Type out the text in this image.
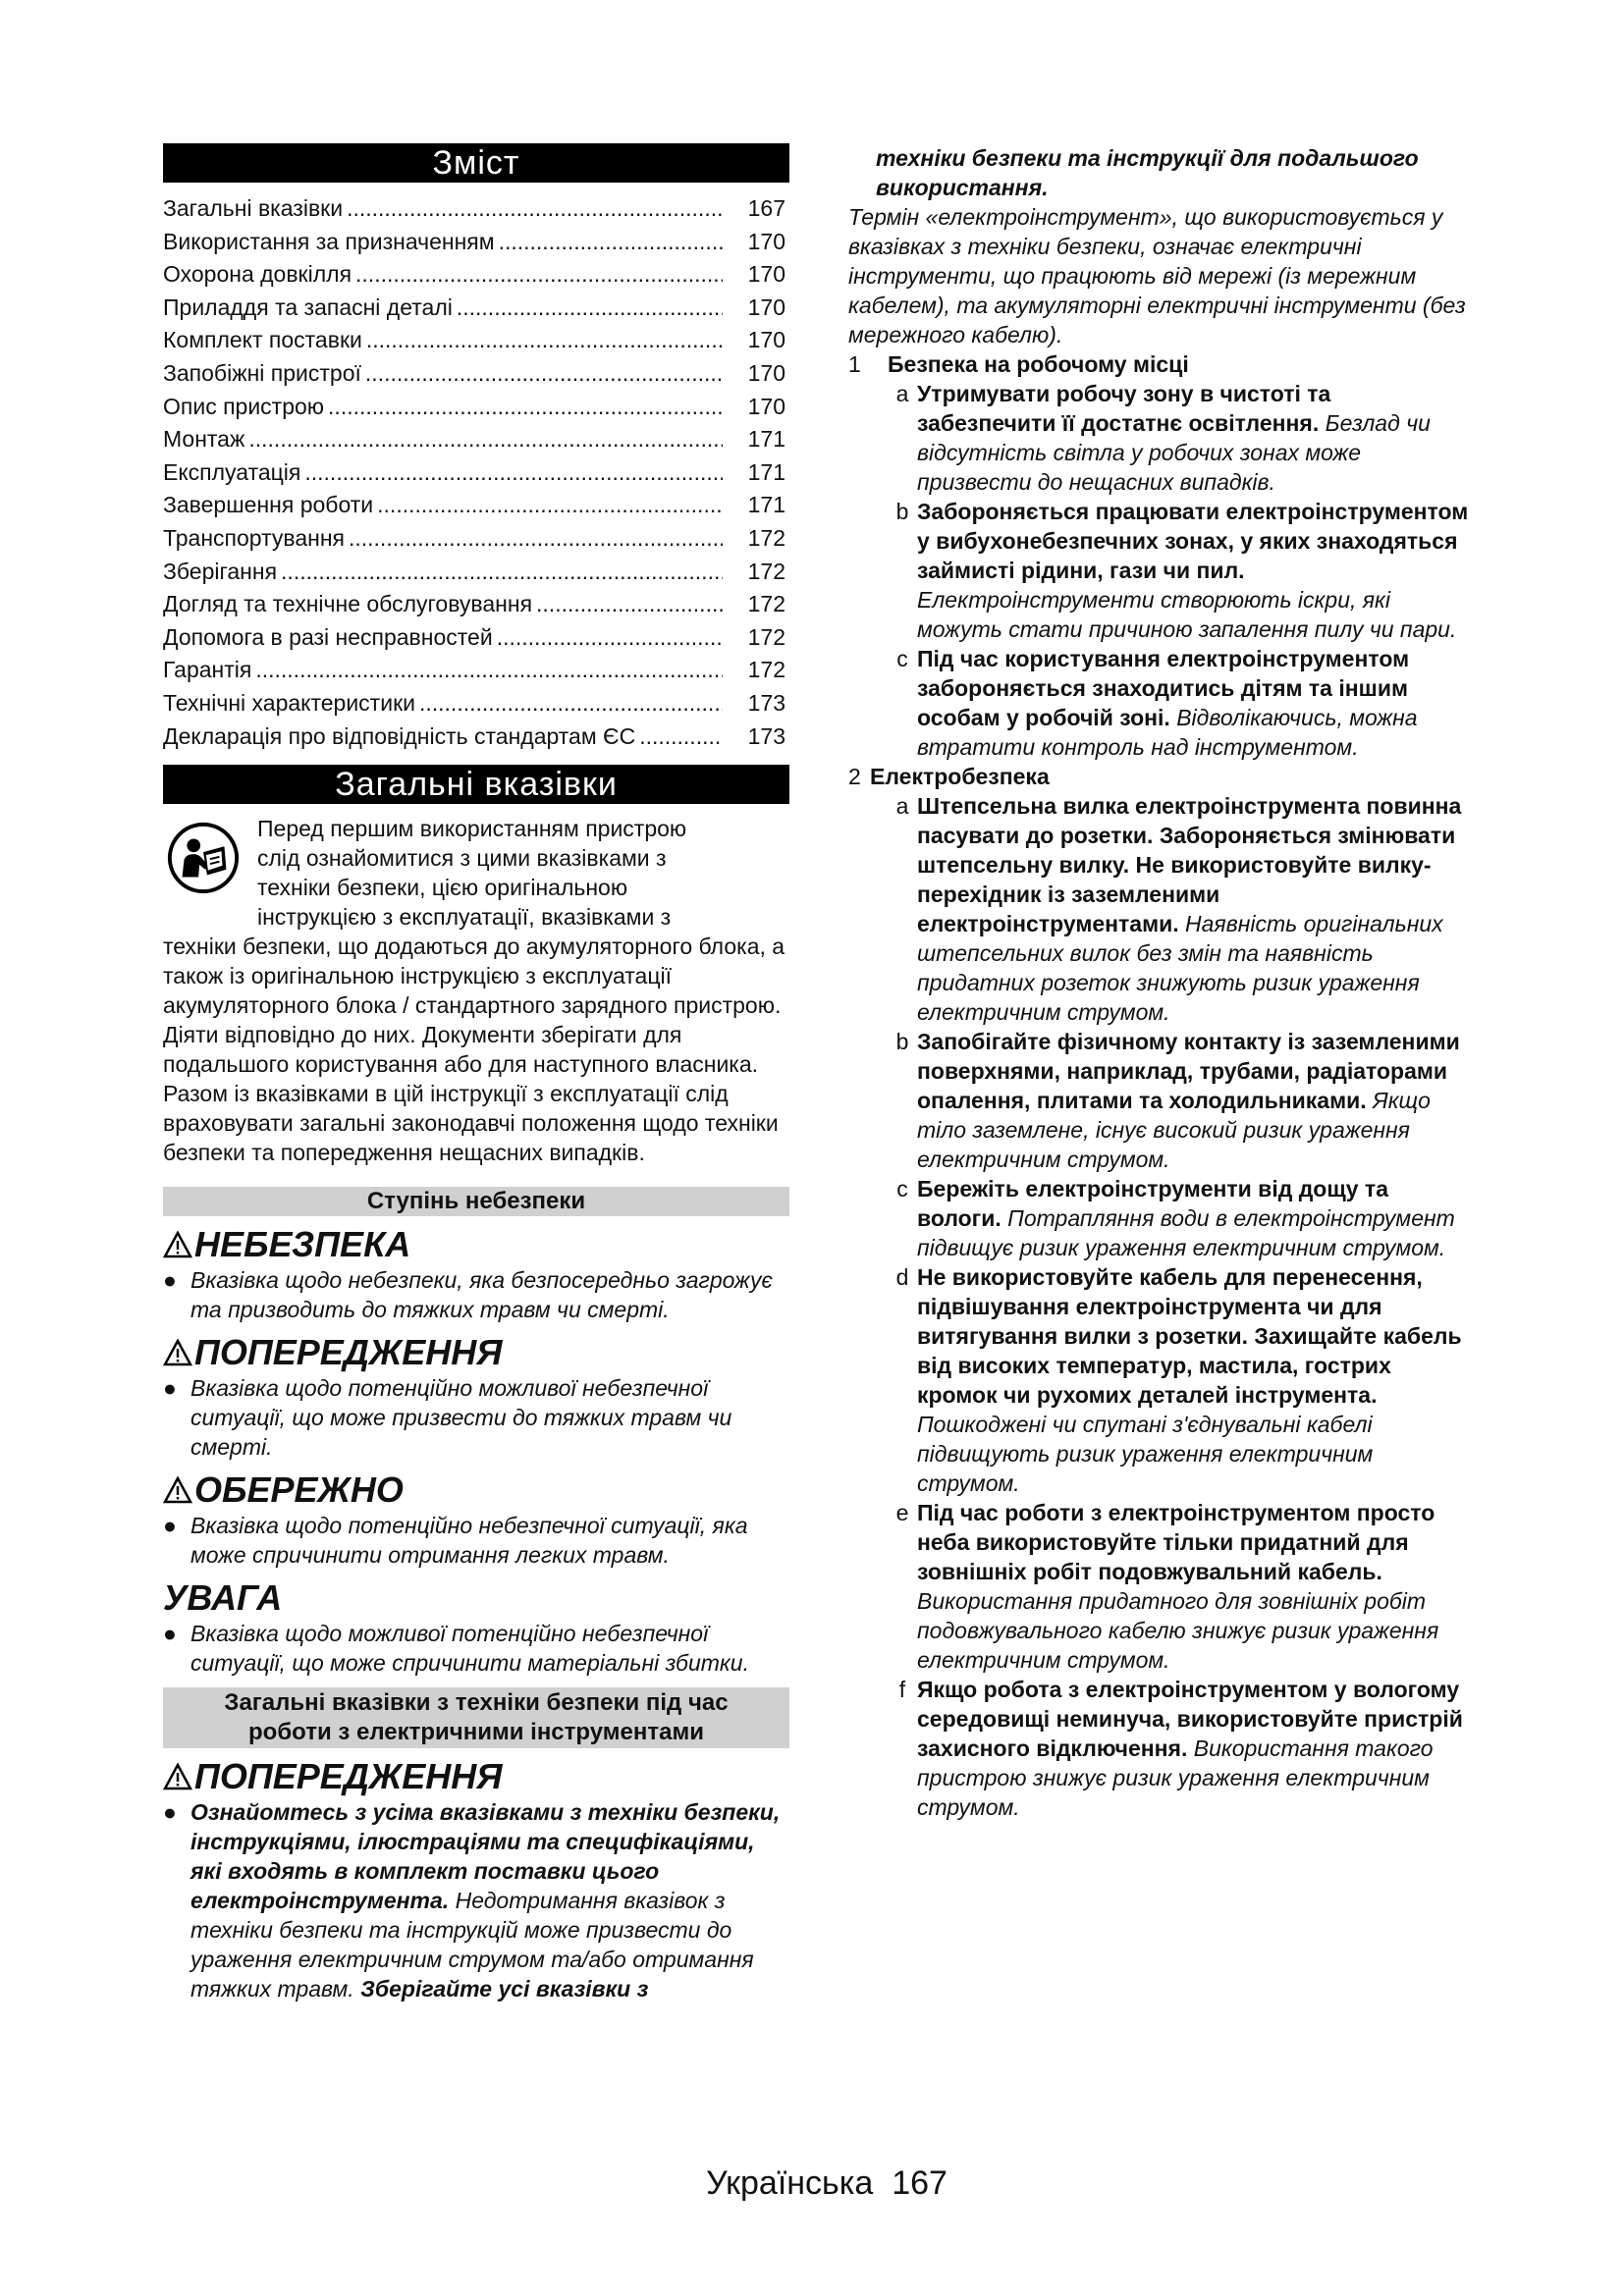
Зміст
Загальні вказівки .....	167
Використання за призначенням .....	170
Охорона довкілля .....	170
Приладдя та запасні деталі .....	170
Комплект поставки .....	170
Запобіжні пристрої .....	170
Опис пристрою .....	170
Монтаж .....	171
Експлуатація .....	171
Завершення роботи .....	171
Транспортування .....	172
Зберігання .....	172
Догляд та технічне обслуговування .....	172
Допомога в разі несправностей .....	172
Гарантія .....	172
Технічні характеристики .....	173
Декларація про відповідність стандартам ЄС .....	173
Загальні вказівки
Перед першим використанням пристрою
слід ознайомитися з цими вказівками з
техніки безпеки, цією оригінальною
інструкцією з експлуатації, вказівками з

техніки безпеки, що додаються до акумуляторного блока, а також із оригінальною інструкцією з експлуатації акумуляторного блока / стандартного зарядного пристрою. Діяти відповідно до них. Документи зберігати для подальшого користування або для наступного власника.

Разом із вказівками в цій інструкції з експлуатації слід враховувати загальні законодавчі положення щодо техніки безпеки та попередження нещасних випадків.

Ступінь небезпеки
НЕБЕЗПЕКА
● Вказівка щодо небезпеки, яка безпосередньо загрожує та призводить до тяжких травм чи смерті.
ПОПЕРЕДЖЕННЯ
● Вказівка щодо потенційно можливої небезпечної ситуації, що може призвести до тяжких травм чи смерті.
ОБЕРЕЖНО
● Вказівка щодо потенційно небезпечної ситуації, яка може спричинити отримання легких травм.
УВАГА
● Вказівка щодо можливої потенційно небезпечної ситуації, що може спричинити матеріальні збитки.
Загальні вказівки з техніки безпеки під час
роботи з електричними інструментами
ПОПЕРЕДЖЕННЯ
● Ознайомтесь з усіма вказівками з техніки безпеки, інструкціями, ілюстраціями та специфікаціями, які входять в комплект поставки цього електроінструмента. Недотримання вказівок з техніки безпеки та інструкцій може призвести до ураження електричним струмом та/або отримання тяжких травм. Зберігайте усі вказівки з
техніки безпеки та інструкції для подальшого використання.

Термін «електроінструмент», що використовується у вказівках з техніки безпеки, означає електричні інструменти, що працюють від мережі (із мережним кабелем), та акумуляторні електричні інструменти (без мережного кабелю).

1	Безпека на робочому місці
a Утримувати робочу зону в чистоті та забезпечити її достатнє освітлення. Безлад чи відсутність світла у робочих зонах може призвести до нещасних випадків.
b Забороняється працювати електроінструментом у вибухонебезпечних зонах, у яких знаходяться займисті рідини, гази чи пил. Електроінструменти створюють іскри, які можуть стати причиною запалення пилу чи пари.
c Під час користування електроінструментом забороняється знаходитись дітям та іншим особам у робочій зоні. Відволікаючись, можна втратити контроль над інструментом.
2 Електробезпека
a Штепсельна вилка електроінструмента повинна пасувати до розетки. Забороняється змінювати штепсельну вилку. Не використовуйте вилку-перехідник із заземленими електроінструментами. Наявність оригінальних штепсельних вилок без змін та наявність придатних розеток знижують ризик ураження електричним струмом.
b Запобігайте фізичному контакту із заземленими поверхнями, наприклад, трубами, радіаторами опалення, плитами та холодильниками. Якщо тіло заземлене, існує високий ризик ураження електричним струмом.
c Бережіть електроінструменти від дощу та вологи. Потрапляння води в електроінструмент підвищує ризик ураження електричним струмом.
d Не використовуйте кабель для перенесення, підвішування електроінструмента чи для витягування вилки з розетки. Захищайте кабель від високих температур, мастила, гострих кромок чи рухомих деталей інструмента. Пошкоджені чи спутані з'єднувальні кабелі підвищують ризик ураження електричним струмом.
e Під час роботи з електроінструментом просто неба використовуйте тільки придатний для зовнішніх робіт подовжувальний кабель. Використання придатного для зовнішніх робіт подовжувального кабелю знижує ризик ураження електричним струмом.
f Якщо робота з електроінструментом у вологому середовищі неминуча, використовуйте пристрій захисного відключення. Використання такого пристрою знижує ризик ураження електричним струмом.
Українська 167
